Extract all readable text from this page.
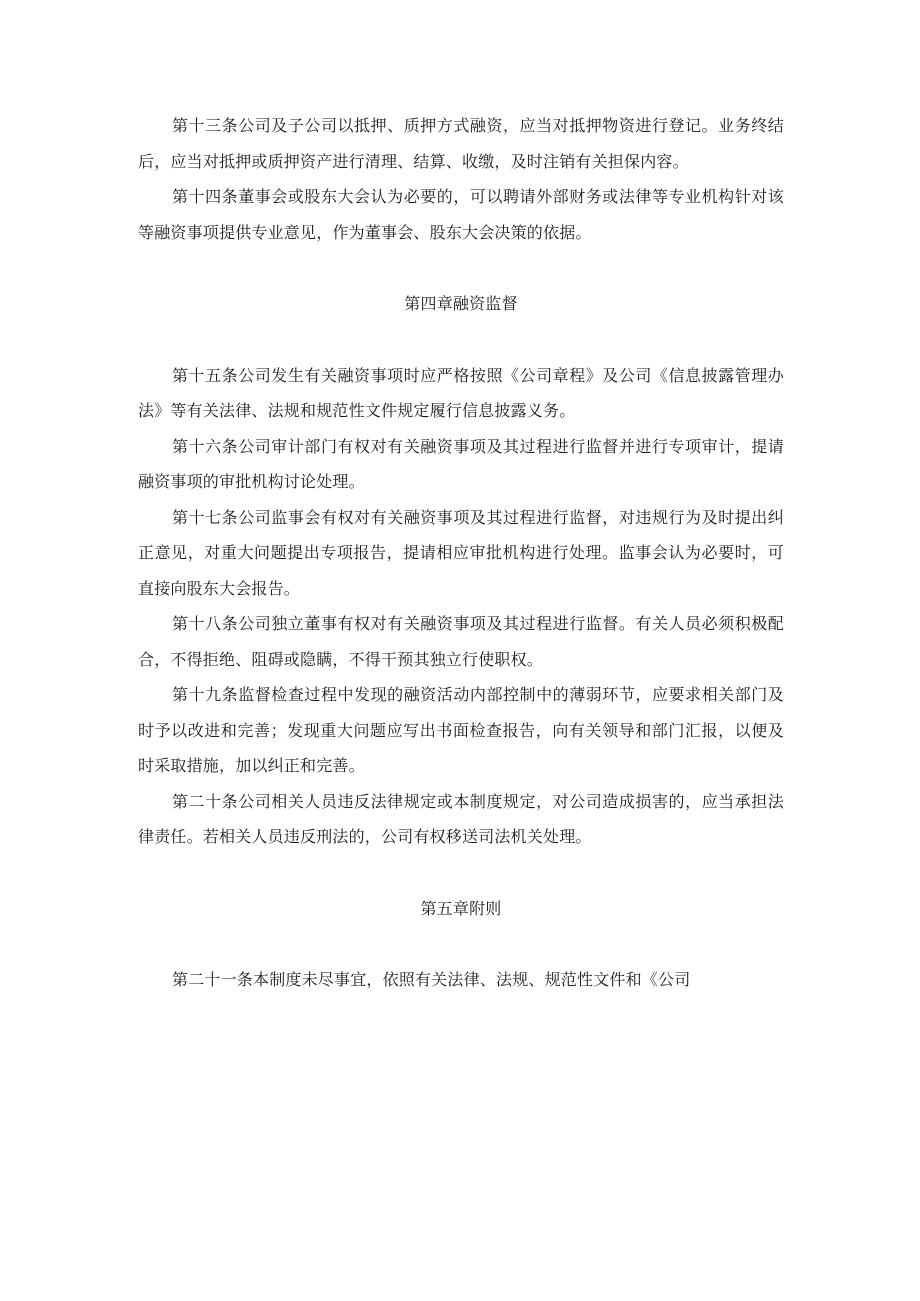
第十三条公司及子公司以抵押、质押方式融资，应当对抵押物资进行登记。业务终结后，应当对抵押或质押资产进行清理、结算、收缴，及时注销有关担保内容。

第十四条董事会或股东大会认为必要的，可以聘请外部财务或法律等专业机构针对该等融资事项提供专业意见，作为董事会、股东大会决策的依据。

第四章融资监督

第十五条公司发生有关融资事项时应严格按照《公司章程》及公司《信息披露管理办法》等有关法律、法规和规范性文件规定履行信息披露义务。

第十六条公司审计部门有权对有关融资事项及其过程进行监督并进行专项审计，提请融资事项的审批机构讨论处理。

第十七条公司监事会有权对有关融资事项及其过程进行监督，对违规行为及时提出纠正意见，对重大问题提出专项报告，提请相应审批机构进行处理。监事会认为必要时，可直接向股东大会报告。

第十八条公司独立董事有权对有关融资事项及其过程进行监督。有关人员必须积极配合，不得拒绝、阻碍或隐瞒，不得干预其独立行使职权。

第十九条监督检查过程中发现的融资活动内部控制中的薄弱环节，应要求相关部门及时予以改进和完善；发现重大问题应写出书面检查报告，向有关领导和部门汇报，以便及时采取措施，加以纠正和完善。

第二十条公司相关人员违反法律规定或本制度规定，对公司造成损害的，应当承担法律责任。若相关人员违反刑法的，公司有权移送司法机关处理。

第五章附则

第二十一条本制度未尽事宜，依照有关法律、法规、规范性文件和《公司
